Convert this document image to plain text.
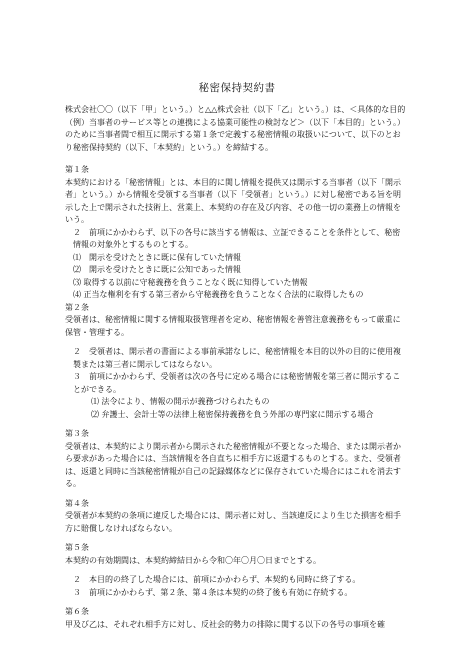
秘密保持契約書

株式会社〇〇（以下「甲」という。）と△△株式会社（以下「乙」という。）は、＜具体的な目的（例）当事者のサービス等との連携による協業可能性の検討など＞（以下「本目的」という。）のために当事者間で相互に開示する第１条で定義する秘密情報の取扱いについて、以下のとおり秘密保持契約（以下、「本契約」という。）を締結する。

第１条

本契約における「秘密情報」とは、本目的に関し情報を提供又は開示する当事者（以下「開示者」という。）から情報を受領する当事者（以下「受領者」という。）に対し秘密である旨を明示した上で開示された技術上、営業上、本契約の存在及び内容、その他一切の業務上の情報をいう。

２　前項にかかわらず、以下の各号に該当する情報は、立証できることを条件として、秘密情報の対象外とするものとする。

⑴　開示を受けたときに既に保有していた情報

⑵　開示を受けたときに既に公知であった情報

⑶ 取得する以前に守秘義務を負うことなく既に知得していた情報

⑷ 正当な権利を有する第三者から守秘義務を負うことなく合法的に取得したもの

第２条

受領者は、秘密情報に関する情報取扱管理者を定め、秘密情報を善管注意義務をもって厳重に保管・管理する。

２　受領者は、開示者の書面による事前承諾なしに、秘密情報を本目的以外の目的に使用複製または第三者に開示してはならない。

３　前項にかかわらず、受領者は次の各号に定める場合には秘密情報を第三者に開示することができる。

⑴ 法令により、情報の開示が義務づけられたもの

⑵ 弁護士、会計士等の法律上秘密保持義務を負う外部の専門家に開示する場合

第３条

受領者は、本契約により開示者から開示された秘密情報が不要となった場合、または開示者から要求があった場合には、当該情報を各自直ちに相手方に返還するものとする。また、受領者は、返還と同時に当該秘密情報が自己の記録媒体などに保存されていた場合にはこれを消去する。

第４条

受領者が本契約の条項に違反した場合には、開示者に対し、当該違反により生じた損害を相手方に賠償しなければならない。

第５条

本契約の有効期間は、本契約締結日から令和〇年〇月〇日までとする。

２　本目的の終了した場合には、前項にかかわらず、本契約も同時に終了する。

３　前項にかかわらず、第２条、第４条は本契約の終了後も有効に存続する。

第６条

甲及び乙は、それぞれ相手方に対し、反社会的勢力の排除に関する以下の各号の事項を確
